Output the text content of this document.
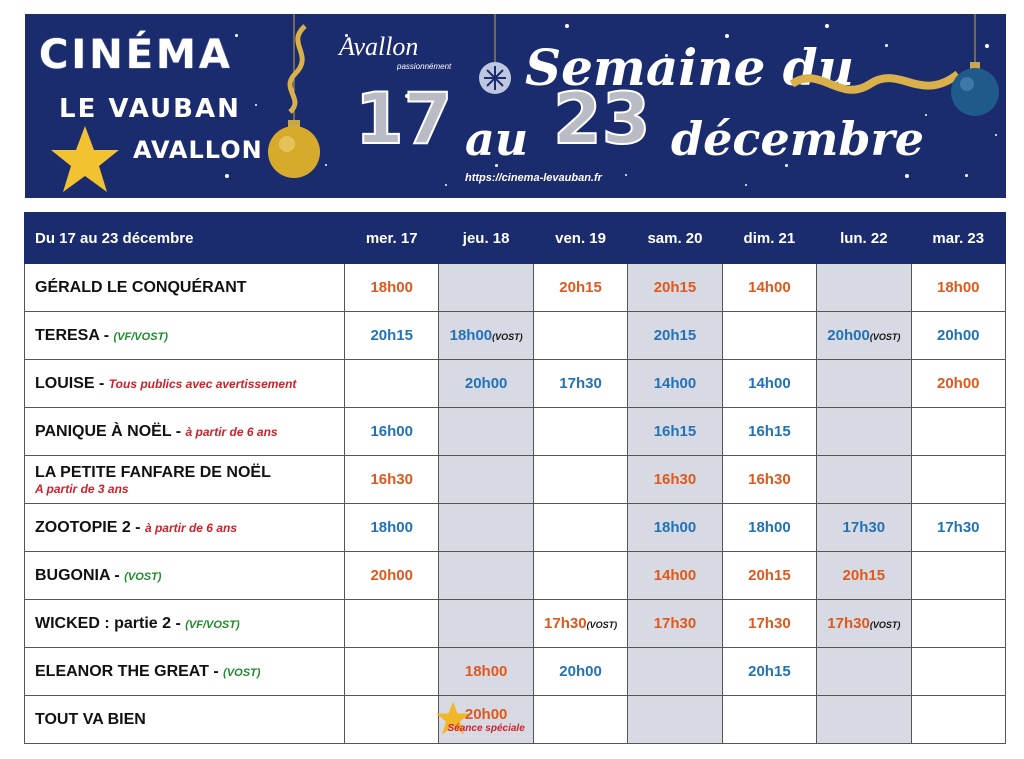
CINÉMA
LE VAUBAN
AVALLON
Avallon
passionnément Semaine du
17 au 23 décembre
https://cinema-levauban.fr
Du 17 au 23 décembre	mer. 17	jeu. 18	ven. 19	sam. 20	dim. 21	lun. 22	mar. 23
GÉRALD LE CONQUÉRANT	18h00		20h15	20h15	14h00		18h00
TERESA - (VF/VOST)	20h15	18h00(VOST)		20h15		20h00(VOST)	20h00
LOUISE - Tous publics avec avertissement		20h00	17h30	14h00	14h00		20h00
PANIQUE À NOËL - à partir de 6 ans	16h00			16h15	16h15		

LA PETITE FANFARE DE NOËL
A partir de 3 ans	16h30			16h30	16h30		
ZOOTOPIE 2 - à partir de 6 ans	18h00			18h00	18h00	17h30	17h30
BUGONIA - (VOST)	20h00			14h00	20h15	20h15	
WICKED : partie 2 - (VF/VOST)			17h30(VOST)	17h30	17h30	17h30(VOST)	
ELEANOR THE GREAT - (VOST)		18h00	20h00		20h15		
TOUT VA BIEN		20h00
Séance spéciale					
